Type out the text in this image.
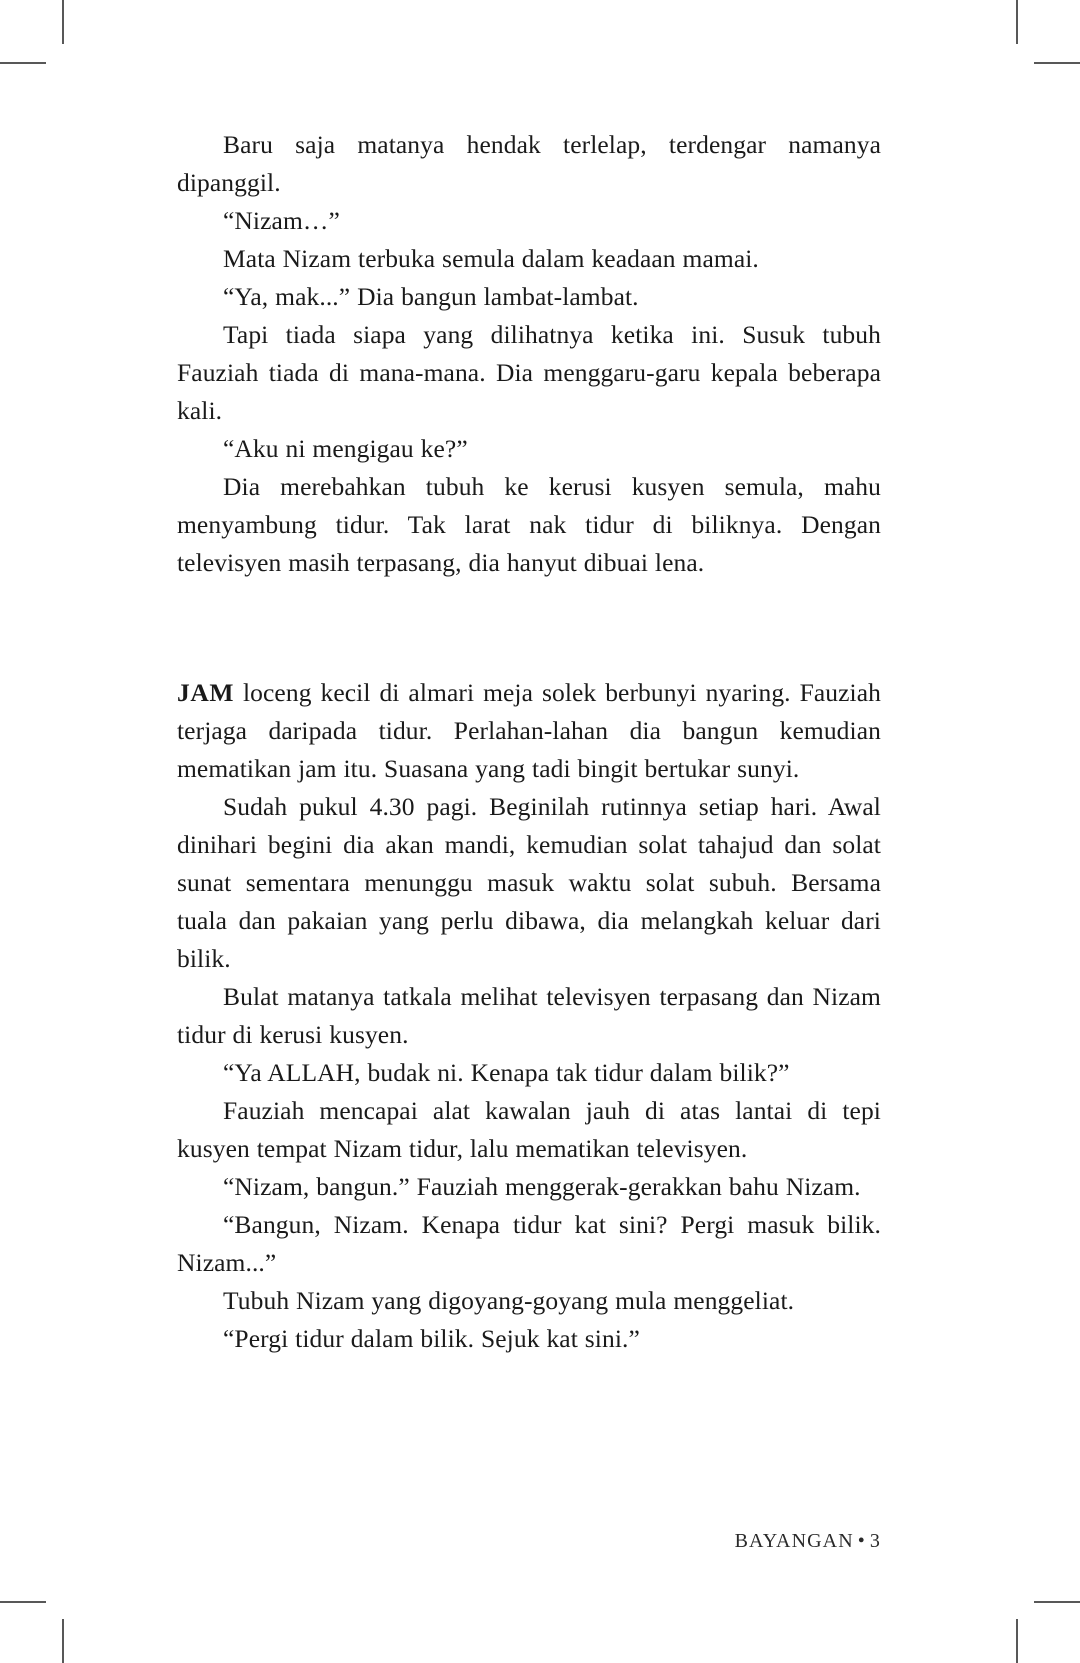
Baru saja matanya hendak terlelap, terdengar namanya dipanggil.

“Nizam…”

Mata Nizam terbuka semula dalam keadaan mamai.

“Ya, mak...” Dia bangun lambat-lambat.

Tapi tiada siapa yang dilihatnya ketika ini. Susuk tubuh Fauziah tiada di mana-mana. Dia menggaru-garu kepala beberapa kali.

“Aku ni mengigau ke?”

Dia merebahkan tubuh ke kerusi kusyen semula, mahu menyambung tidur. Tak larat nak tidur di biliknya. Dengan televisyen masih terpasang, dia hanyut dibuai lena.

JAM loceng kecil di almari meja solek berbunyi nyaring. Fauziah terjaga daripada tidur. Perlahan-lahan dia bangun kemudian mematikan jam itu. Suasana yang tadi bingit bertukar sunyi.

Sudah pukul 4.30 pagi. Beginilah rutinnya setiap hari. Awal dinihari begini dia akan mandi, kemudian solat tahajud dan solat sunat sementara menunggu masuk waktu solat subuh. Bersama tuala dan pakaian yang perlu dibawa, dia melangkah keluar dari bilik.

Bulat matanya tatkala melihat televisyen terpasang dan Nizam tidur di kerusi kusyen.

“Ya ALLAH, budak ni. Kenapa tak tidur dalam bilik?”

Fauziah mencapai alat kawalan jauh di atas lantai di tepi kusyen tempat Nizam tidur, lalu mematikan televisyen.

“Nizam, bangun.” Fauziah menggerak-gerakkan bahu Nizam.

“Bangun, Nizam. Kenapa tidur kat sini? Pergi masuk bilik. Nizam...”

Tubuh Nizam yang digoyang-goyang mula menggeliat.

“Pergi tidur dalam bilik. Sejuk kat sini.”

BAYANGAN • 3
